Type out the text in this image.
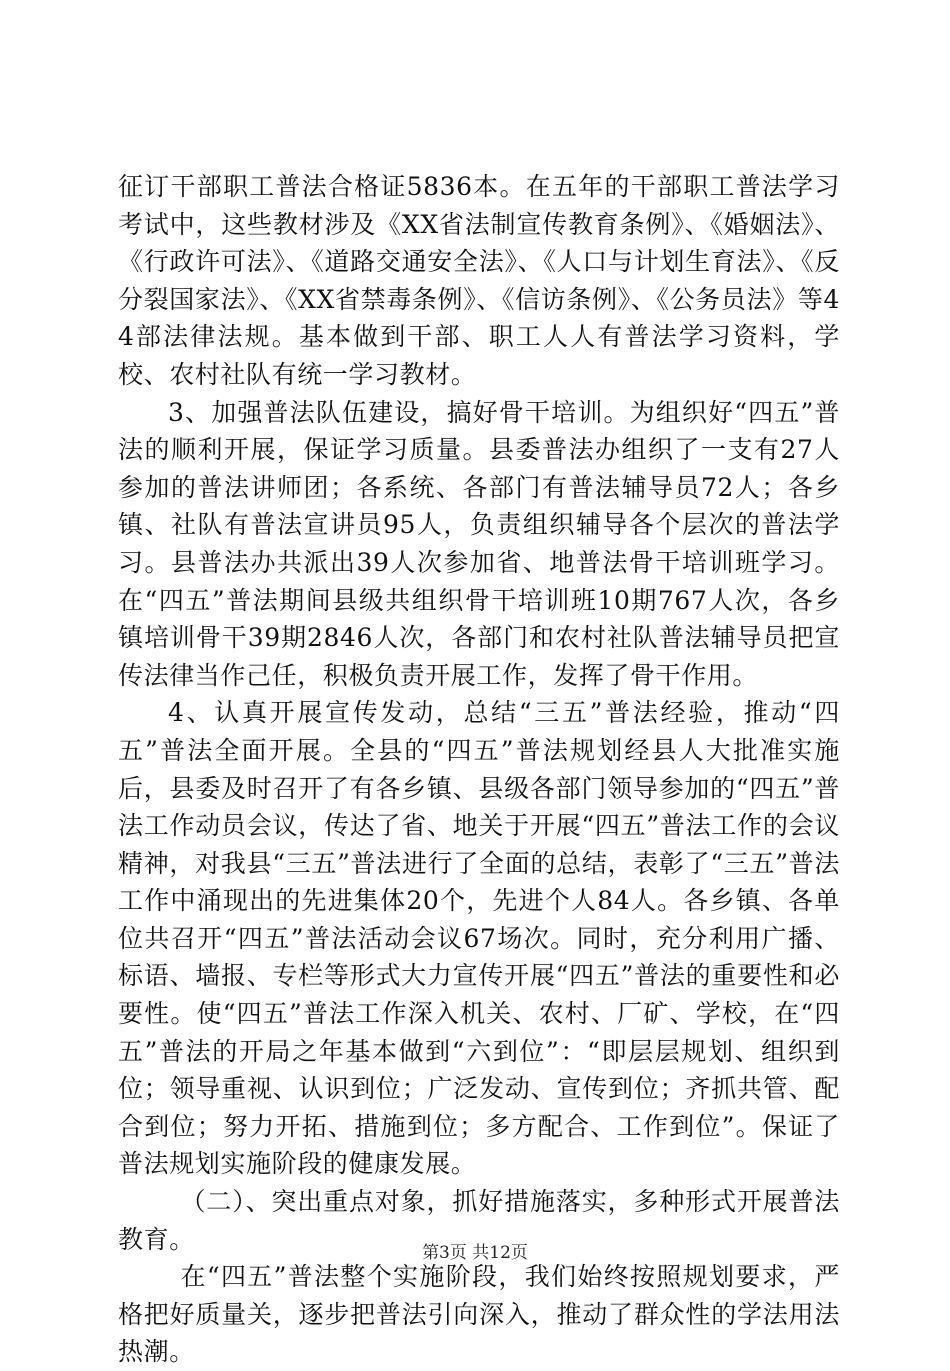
征订干部职工普法合格证5836本。在五年的干部职工普法学习考试中，这些教材涉及《XX省法制宣传教育条例》、《婚姻法》、《行政许可法》、《道路交通安全法》、《人口与计划生育法》、《反分裂国家法》、《XX省禁毒条例》、《信访条例》、《公务员法》等44部法律法规。基本做到干部、职工人人有普法学习资料，学校、农村社队有统一学习教材。

3、加强普法队伍建设，搞好骨干培训。为组织好“四五”普法的顺利开展，保证学习质量。县委普法办组织了一支有27人参加的普法讲师团；各系统、各部门有普法辅导员72人；各乡镇、社队有普法宣讲员95人，负责组织辅导各个层次的普法学习。县普法办共派出39人次参加省、地普法骨干培训班学习。在“四五”普法期间县级共组织骨干培训班10期767人次，各乡镇培训骨干39期2846人次，各部门和农村社队普法辅导员把宣传法律当作己任，积极负责开展工作，发挥了骨干作用。

4、认真开展宣传发动，总结“三五”普法经验，推动“四五”普法全面开展。全县的“四五”普法规划经县人大批准实施后，县委及时召开了有各乡镇、县级各部门领导参加的“四五”普法工作动员会议，传达了省、地关于开展“四五”普法工作的会议精神，对我县“三五”普法进行了全面的总结，表彰了“三五”普法工作中涌现出的先进集体20个，先进个人84人。各乡镇、各单位共召开“四五”普法活动会议67场次。同时，充分利用广播、标语、墙报、专栏等形式大力宣传开展“四五”普法的重要性和必要性。使“四五”普法工作深入机关、农村、厂矿、学校，在“四五”普法的开局之年基本做到“六到位”：“即层层规划、组织到位；领导重视、认识到位；广泛发动、宣传到位；齐抓共管、配合到位；努力开拓、措施到位；多方配合、工作到位”。保证了普法规划实施阶段的健康发展。

（二）、突出重点对象，抓好措施落实，多种形式开展普法教育。

在“四五”普法整个实施阶段，我们始终按照规划要求，严格把好质量关，逐步把普法引向深入，推动了群众性的学法用法热潮。

第3页 共12页
